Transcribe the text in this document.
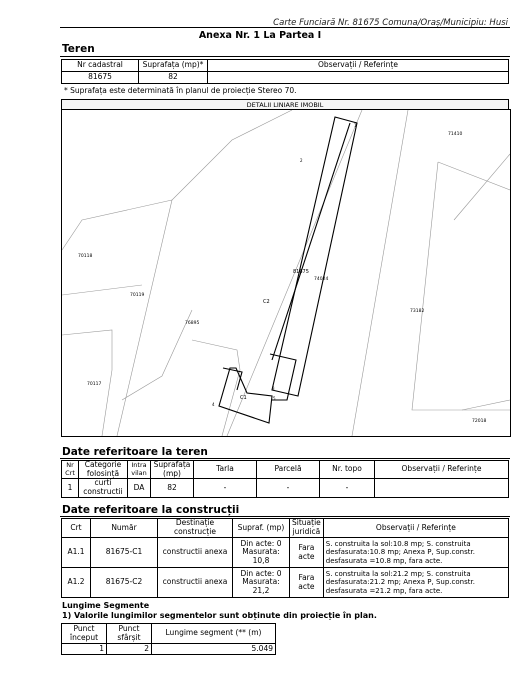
Carte Funciară Nr. 81675 Comuna/Oraș/Municipiu: Husi
Anexa Nr. 1 La Partea I
Teren
Nr cadastral	Suprafața (mp)*	Observații / Referințe
81675	82	
* Suprafața este determinată în planul de proiecție Stereo 70.
DETALII LINIARE IMOBIL
81675
C2
C1
71410
74024
73182
72018
70118
70119
76895
70117
1
2
3
4
5
Date referitoare la teren
Nr Crt	Categorie folosință	Intra vilan	Suprafața (mp)	Tarla	Parcelă	Nr. topo	Observații / Referințe
1	curti constructii	DA	82	-	-	-	
Date referitoare la construcții
Crt	Număr	Destinație construcție	Supraf. (mp)	Situație juridică	Observații / Referințe
A1.1	81675-C1	constructii anexa	Din acte: 0 Masurata: 10,8	Fara acte	S. construita la sol:10.8 mp; S. construita desfasurata:10.8 mp; Anexa P, Sup.constr. desfasurata =10.8 mp, fara acte.
A1.2	81675-C2	constructii anexa	Din acte: 0 Masurata: 21,2	Fara acte	S. construita la sol:21.2 mp; S. construita desfasurata:21.2 mp; Anexa P, Sup.constr. desfasurata =21.2 mp, fara acte.
Lungime Segmente
1) Valorile lungimilor segmentelor sunt obținute din proiecție în plan.
Punct început	Punct sfârșit	Lungime segment (** (m)
1	2	5.049
